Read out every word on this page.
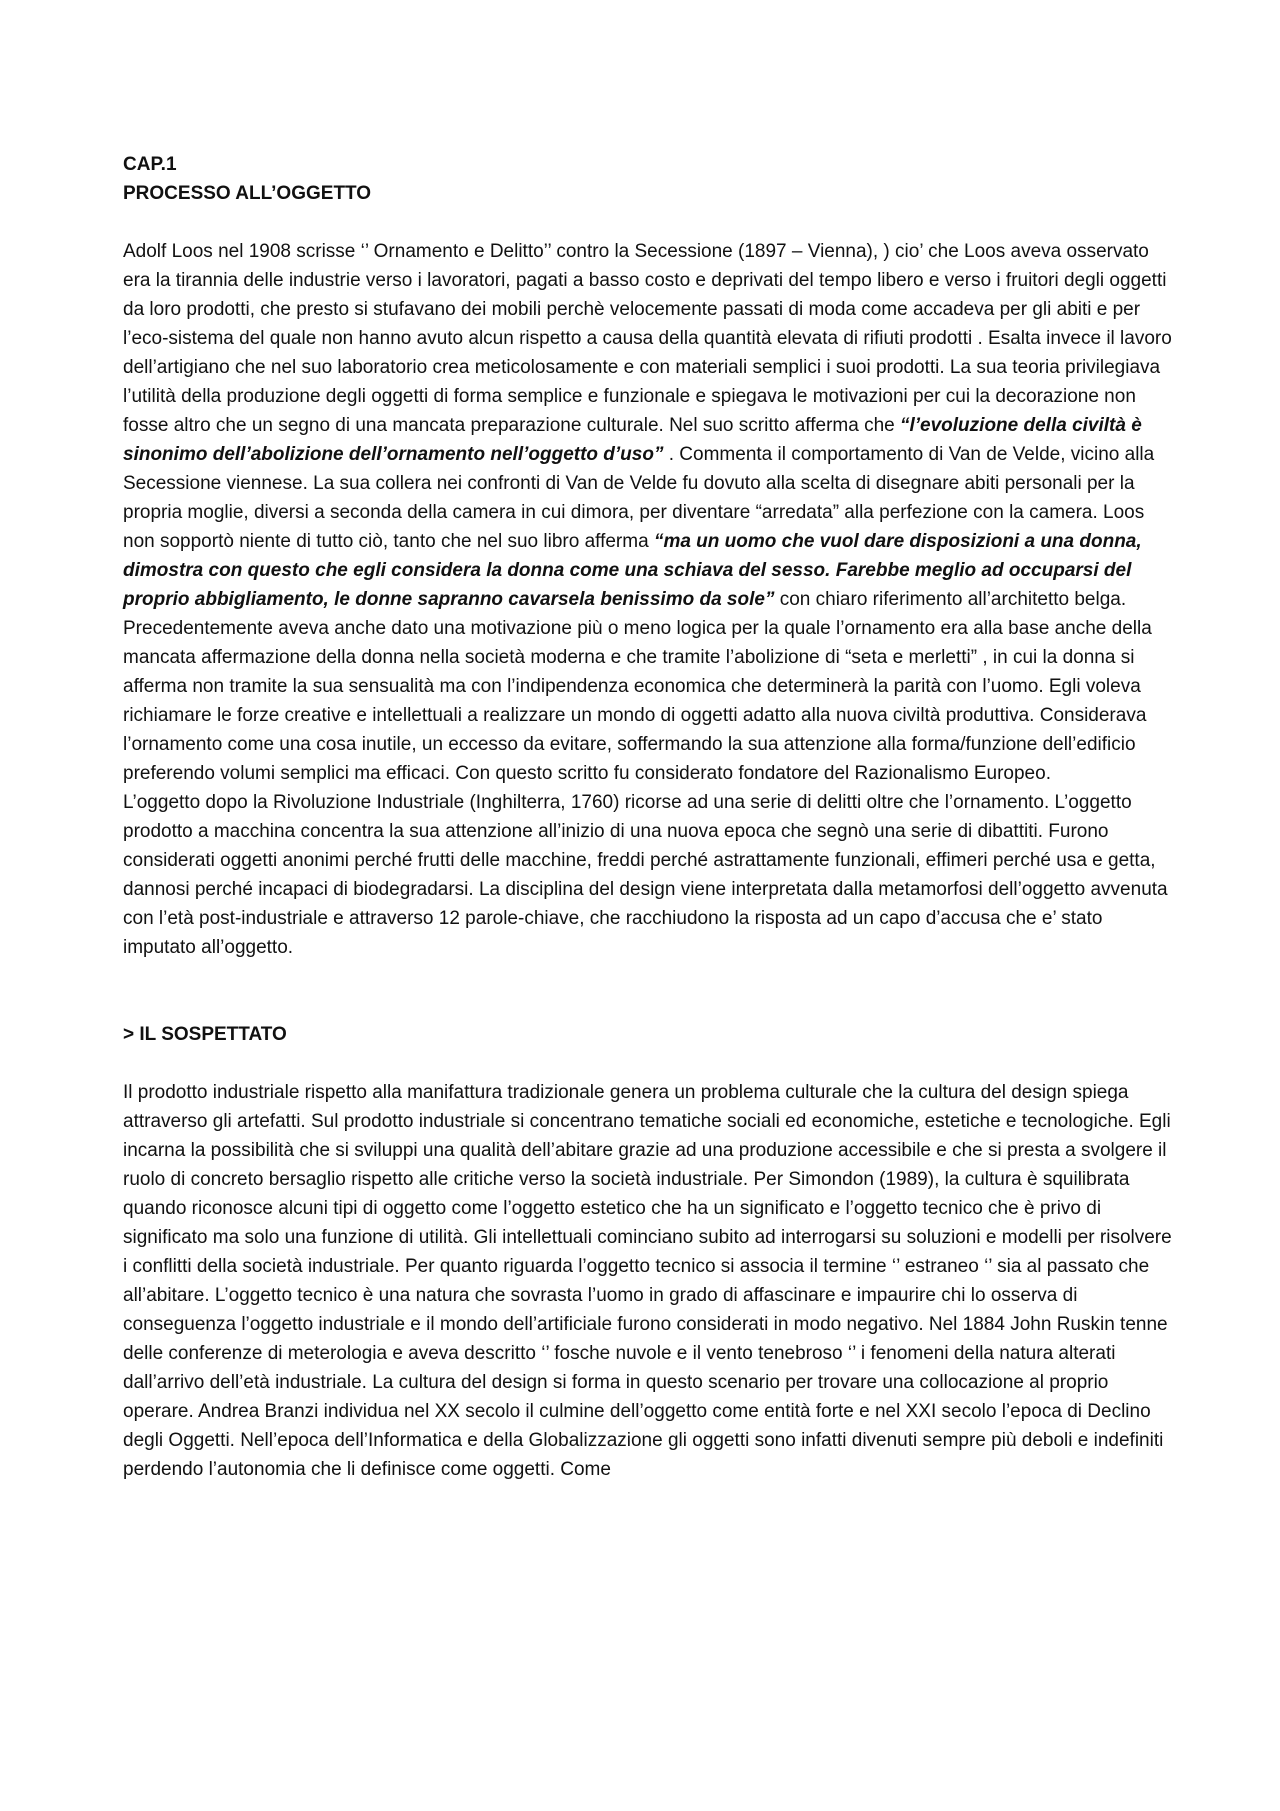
CAP.1

PROCESSO ALL’OGGETTO

Adolf Loos nel 1908 scrisse ‘’ Ornamento e Delitto’’ contro la Secessione (1897 – Vienna), ) cio’ che Loos aveva osservato era la tirannia delle industrie verso i lavoratori, pagati a basso costo e deprivati del tempo libero e verso i fruitori degli oggetti da loro prodotti, che presto si stufavano dei mobili perchè velocemente passati di moda come accadeva per gli abiti e per l’eco-sistema del quale non hanno avuto alcun rispetto a causa della quantità elevata di rifiuti prodotti . Esalta invece il lavoro dell’artigiano che nel suo laboratorio crea meticolosamente e con materiali semplici i suoi prodotti. La sua teoria privilegiava l’utilità della produzione degli oggetti di forma semplice e funzionale e spiegava le motivazioni per cui la decorazione non fosse altro che un segno di una mancata preparazione culturale. Nel suo scritto afferma che “l’evoluzione della civiltà è sinonimo dell’abolizione dell’ornamento nell’oggetto d’uso” . Commenta il comportamento di Van de Velde, vicino alla Secessione viennese. La sua collera nei confronti di Van de Velde fu dovuto alla scelta di disegnare abiti personali per la propria moglie, diversi a seconda della camera in cui dimora, per diventare “arredata” alla perfezione con la camera. Loos non sopportò niente di tutto ciò, tanto che nel suo libro afferma “ma un uomo che vuol dare disposizioni a una donna, dimostra con questo che egli considera la donna come una schiava del sesso. Farebbe meglio ad occuparsi del proprio abbigliamento, le donne sapranno cavarsela benissimo da sole” con chiaro riferimento all’architetto belga. Precedentemente aveva anche dato una motivazione più o meno logica per la quale l’ornamento era alla base anche della mancata affermazione della donna nella società moderna e che tramite l’abolizione di “seta e merletti” , in cui la donna si afferma non tramite la sua sensualità ma con l’indipendenza economica che determinerà la parità con l’uomo. Egli voleva richiamare le forze creative e intellettuali a realizzare un mondo di oggetti adatto alla nuova civiltà produttiva. Considerava l’ornamento come una cosa inutile, un eccesso da evitare, soffermando la sua attenzione alla forma/funzione dell’edificio preferendo volumi semplici ma efficaci. Con questo scritto fu considerato fondatore del Razionalismo Europeo.

L’oggetto dopo la Rivoluzione Industriale (Inghilterra, 1760) ricorse ad una serie di delitti oltre che l’ornamento. L’oggetto prodotto a macchina concentra la sua attenzione all’inizio di una nuova epoca che segnò una serie di dibattiti. Furono considerati oggetti anonimi perché frutti delle macchine, freddi perché astrattamente funzionali, effimeri perché usa e getta, dannosi perché incapaci di biodegradarsi. La disciplina del design viene interpretata dalla metamorfosi dell’oggetto avvenuta con l’età post-industriale e attraverso 12 parole-chiave, che racchiudono la risposta ad un capo d’accusa che e’ stato imputato all’oggetto.

> IL SOSPETTATO

Il prodotto industriale rispetto alla manifattura tradizionale genera un problema culturale che la cultura del design spiega attraverso gli artefatti. Sul prodotto industriale si concentrano tematiche sociali ed economiche, estetiche e tecnologiche. Egli incarna la possibilità che si sviluppi una qualità dell’abitare grazie ad una produzione accessibile e che si presta a svolgere il ruolo di concreto bersaglio rispetto alle critiche verso la società industriale. Per Simondon (1989), la cultura è squilibrata quando riconosce alcuni tipi di oggetto come l’oggetto estetico che ha un significato e l’oggetto tecnico che è privo di significato ma solo una funzione di utilità. Gli intellettuali cominciano subito ad interrogarsi su soluzioni e modelli per risolvere i conflitti della società industriale. Per quanto riguarda l’oggetto tecnico si associa il termine ‘’ estraneo ‘’ sia al passato che all’abitare. L’oggetto tecnico è una natura che sovrasta l’uomo in grado di affascinare e impaurire chi lo osserva di conseguenza l’oggetto industriale e il mondo dell’artificiale furono considerati in modo negativo. Nel 1884 John Ruskin tenne delle conferenze di meterologia e aveva descritto ‘’ fosche nuvole e il vento tenebroso ‘’ i fenomeni della natura alterati dall’arrivo dell’età industriale. La cultura del design si forma in questo scenario per trovare una collocazione al proprio operare. Andrea Branzi individua nel XX secolo il culmine dell’oggetto come entità forte e nel XXI secolo l’epoca di Declino degli Oggetti. Nell’epoca dell’Informatica e della Globalizzazione gli oggetti sono infatti divenuti sempre più deboli e indefiniti perdendo l’autonomia che li definisce come oggetti. Come
